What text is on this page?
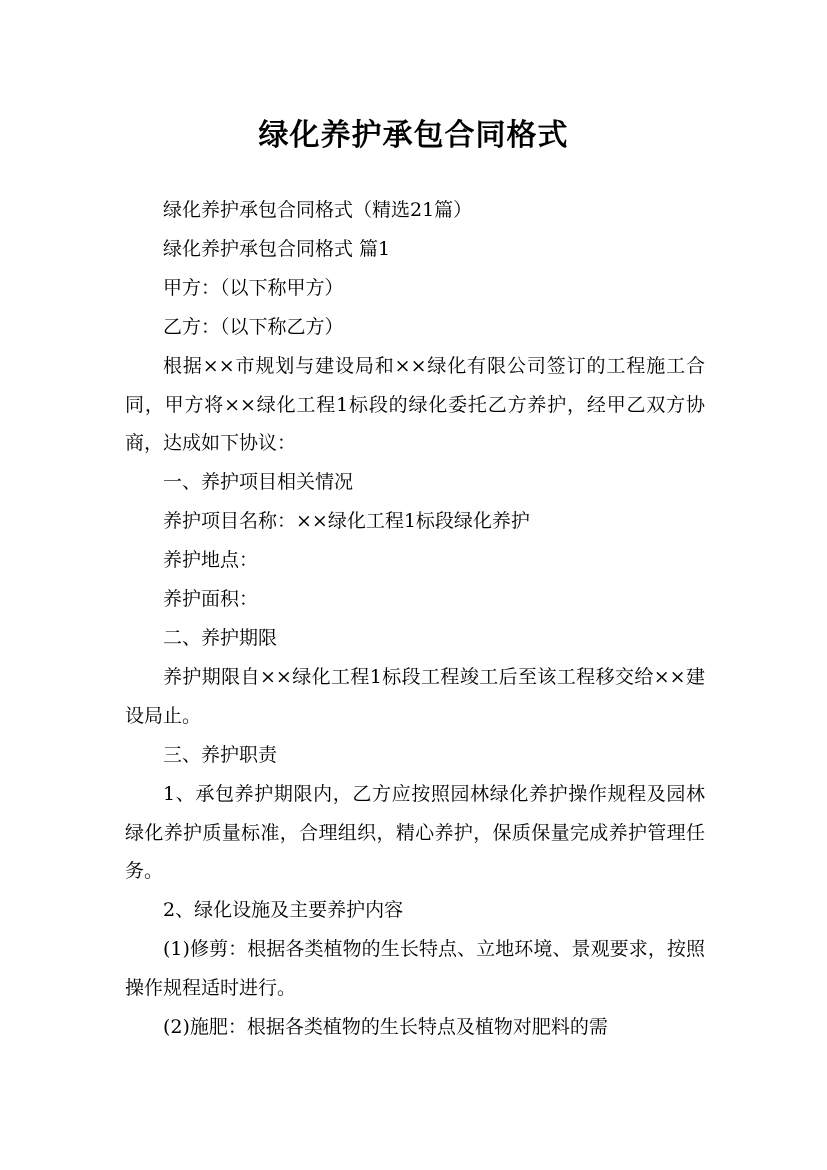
绿化养护承包合同格式

绿化养护承包合同格式（精选21篇）

绿化养护承包合同格式 篇1

甲方：（以下称甲方）

乙方：（以下称乙方）

根据××市规划与建设局和××绿化有限公司签订的工程施工合同，甲方将××绿化工程1标段的绿化委托乙方养护，经甲乙双方协商，达成如下协议：

一、养护项目相关情况

养护项目名称：××绿化工程1标段绿化养护

养护地点：

养护面积：

二、养护期限

养护期限自××绿化工程1标段工程竣工后至该工程移交给××建设局止。

三、养护职责

1、承包养护期限内，乙方应按照园林绿化养护操作规程及园林绿化养护质量标准，合理组织，精心养护，保质保量完成养护管理任务。

2、绿化设施及主要养护内容

(1)修剪：根据各类植物的生长特点、立地环境、景观要求，按照操作规程适时进行。

(2)施肥：根据各类植物的生长特点及植物对肥料的需
